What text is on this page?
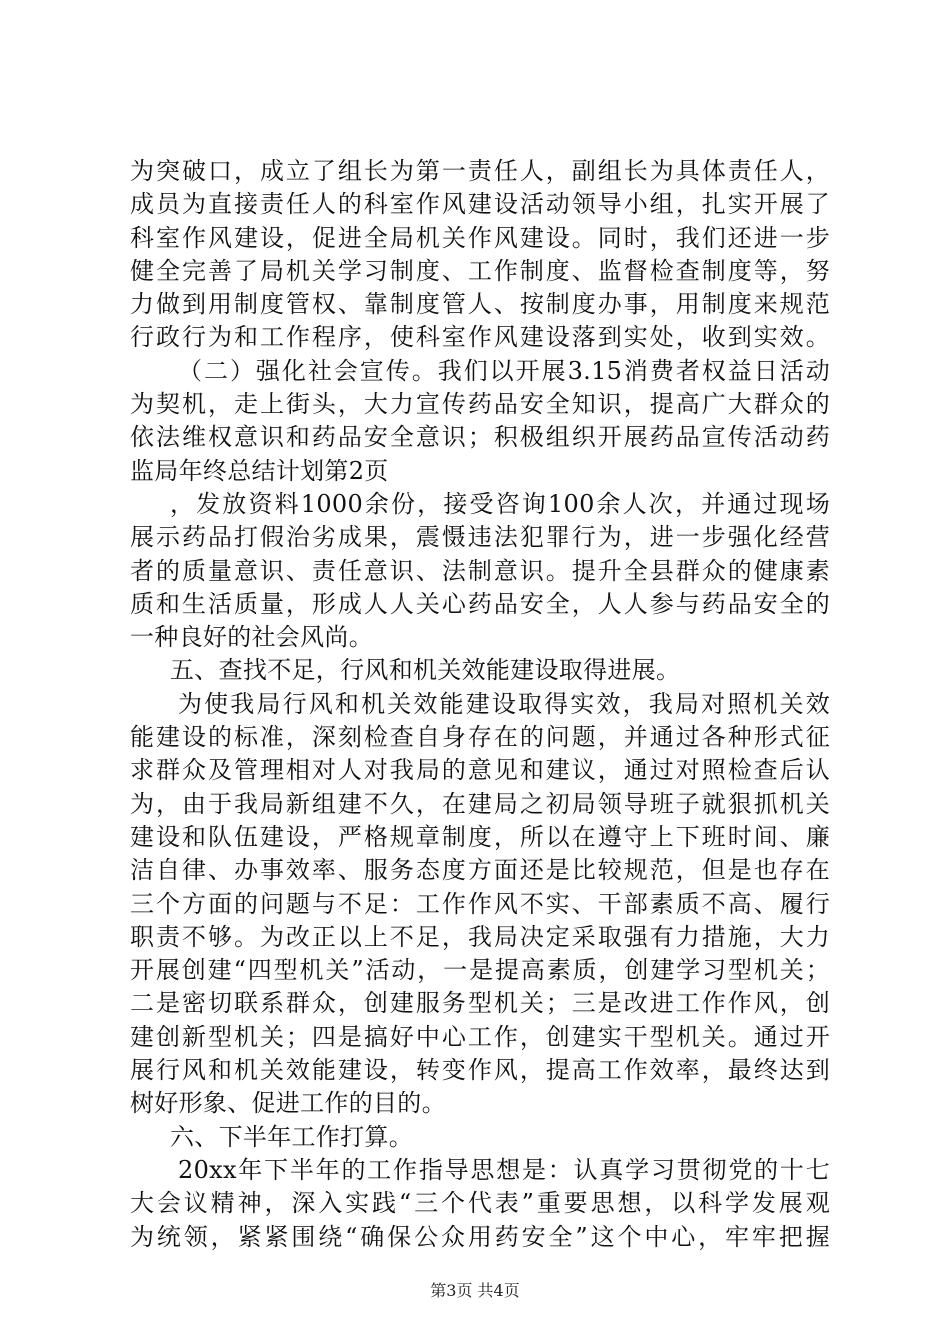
为突破口，成立了组长为第一责任人，副组长为具体责任人，
成员为直接责任人的科室作风建设活动领导小组，扎实开展了
科室作风建设，促进全局机关作风建设。同时，我们还进一步
健全完善了局机关学习制度、工作制度、监督检查制度等，努
力做到用制度管权、靠制度管人、按制度办事，用制度来规范
行政行为和工作程序，使科室作风建设落到实处，收到实效。
（二）强化社会宣传。我们以开展3.15消费者权益日活动
为契机，走上街头，大力宣传药品安全知识，提高广大群众的
依法维权意识和药品安全意识；积极组织开展药品宣传活动药
监局年终总结计划第2页
，发放资料1000余份，接受咨询100余人次，并通过现场
展示药品打假治劣成果，震慑违法犯罪行为，进一步强化经营
者的质量意识、责任意识、法制意识。提升全县群众的健康素
质和生活质量，形成人人关心药品安全，人人参与药品安全的
一种良好的社会风尚。
五、查找不足，行风和机关效能建设取得进展。
为使我局行风和机关效能建设取得实效，我局对照机关效
能建设的标准，深刻检查自身存在的问题，并通过各种形式征
求群众及管理相对人对我局的意见和建议，通过对照检查后认
为，由于我局新组建不久，在建局之初局领导班子就狠抓机关
建设和队伍建设，严格规章制度，所以在遵守上下班时间、廉
洁自律、办事效率、服务态度方面还是比较规范，但是也存在
三个方面的问题与不足：工作作风不实、干部素质不高、履行
职责不够。为改正以上不足，我局决定采取强有力措施，大力
开展创建“四型机关”活动，一是提高素质，创建学习型机关；
二是密切联系群众，创建服务型机关；三是改进工作作风，创
建创新型机关；四是搞好中心工作，创建实干型机关。通过开
展行风和机关效能建设，转变作风，提高工作效率，最终达到
树好形象、促进工作的目的。
六、下半年工作打算。
20xx年下半年的工作指导思想是：认真学习贯彻党的十七
大会议精神，深入实践“三个代表”重要思想，以科学发展观
为统领，紧紧围绕“确保公众用药安全”这个中心，牢牢把握
第3页 共4页
